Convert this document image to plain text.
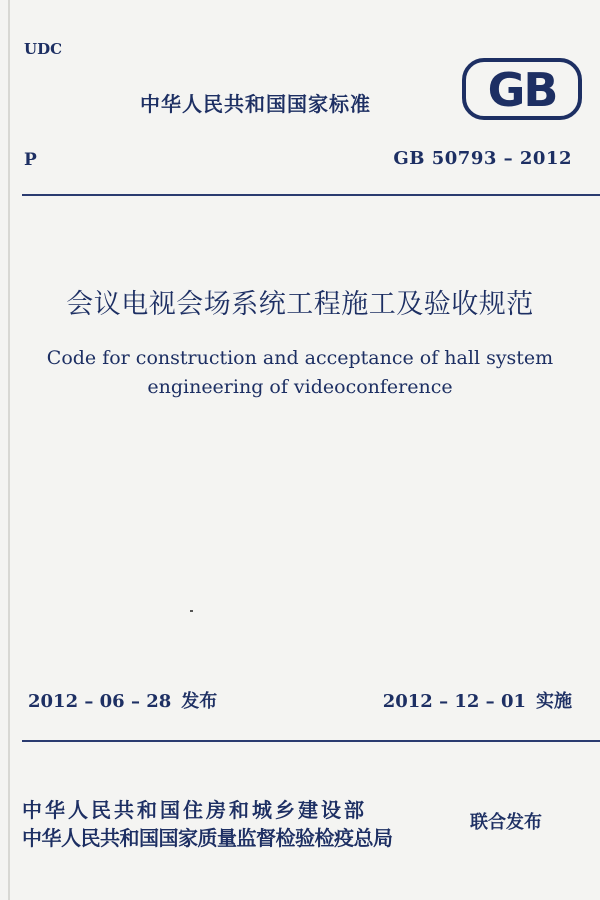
UDC
中华人民共和国国家标准	GB
P	GB 50793 – 2012
会议电视会场系统工程施工及验收规范
Code for construction and acceptance of hall system
engineering of videoconference
2012 – 06 – 28 发布	2012 – 12 – 01 实施
中华人民共和国住房和城乡建设部
中华人民共和国国家质量监督检验检疫总局
联合发布
